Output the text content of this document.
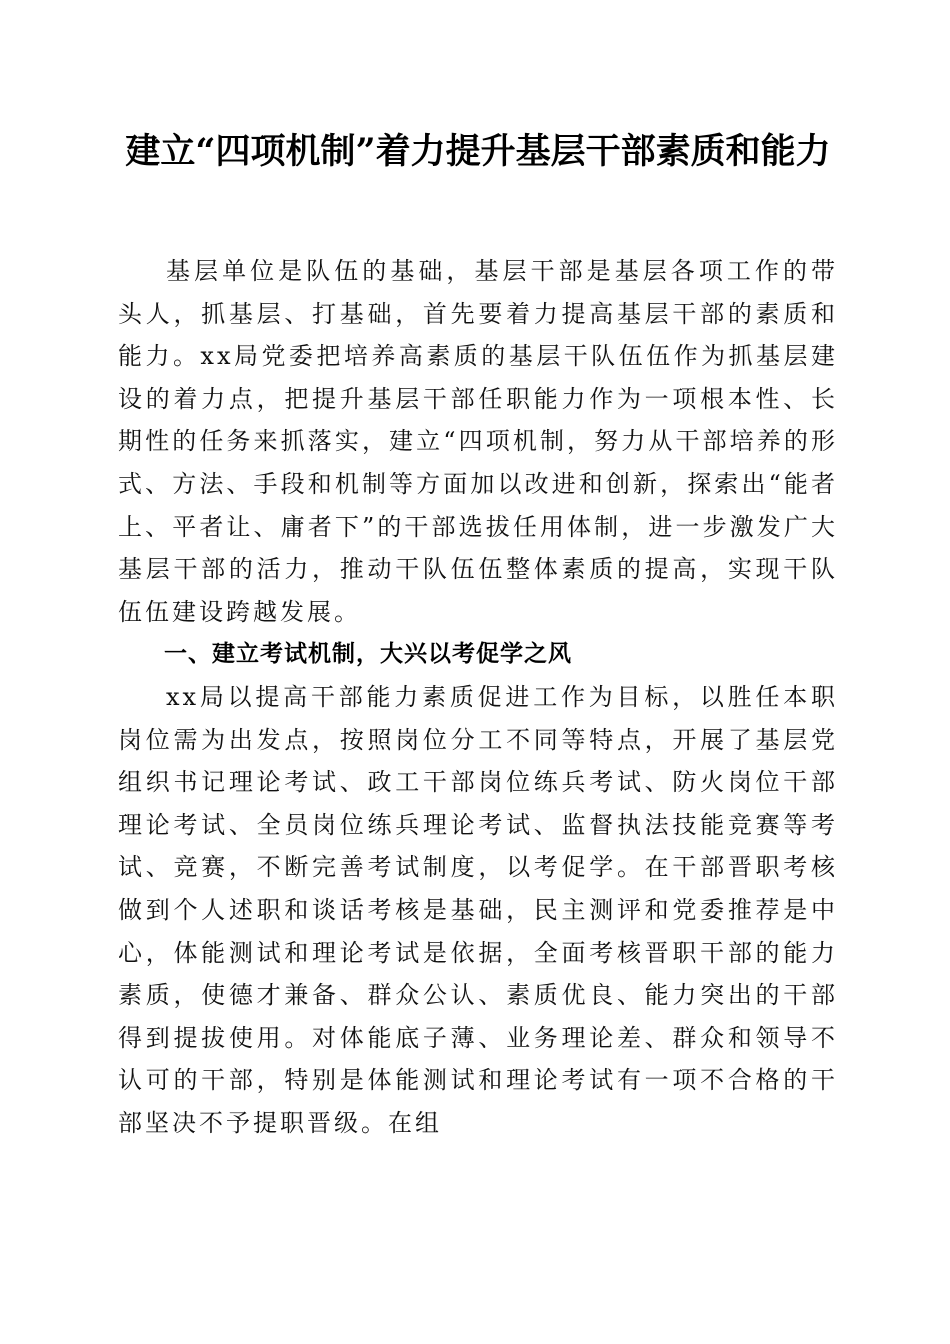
建立“四项机制”着力提升基层干部素质和能力

基层单位是队伍的基础，基层干部是基层各项工作的带头人，抓基层、打基础，首先要着力提高基层干部的素质和能力。xx局党委把培养高素质的基层干队伍伍作为抓基层建设的着力点，把提升基层干部任职能力作为一项根本性、长期性的任务来抓落实，建立“四项机制，努力从干部培养的形式、方法、手段和机制等方面加以改进和创新，探索出“能者上、平者让、庸者下”的干部选拔任用体制，进一步激发广大基层干部的活力，推动干队伍伍整体素质的提高，实现干队伍伍建设跨越发展。

一、建立考试机制，大兴以考促学之风

xx局以提高干部能力素质促进工作为目标，以胜任本职岗位需为出发点，按照岗位分工不同等特点，开展了基层党组织书记理论考试、政工干部岗位练兵考试、防火岗位干部理论考试、全员岗位练兵理论考试、监督执法技能竞赛等考试、竞赛，不断完善考试制度，以考促学。在干部晋职考核做到个人述职和谈话考核是基础，民主测评和党委推荐是中心，体能测试和理论考试是依据，全面考核晋职干部的能力素质，使德才兼备、群众公认、素质优良、能力突出的干部得到提拔使用。对体能底子薄、业务理论差、群众和领导不认可的干部，特别是体能测试和理论考试有一项不合格的干部坚决不予提职晋级。在组
